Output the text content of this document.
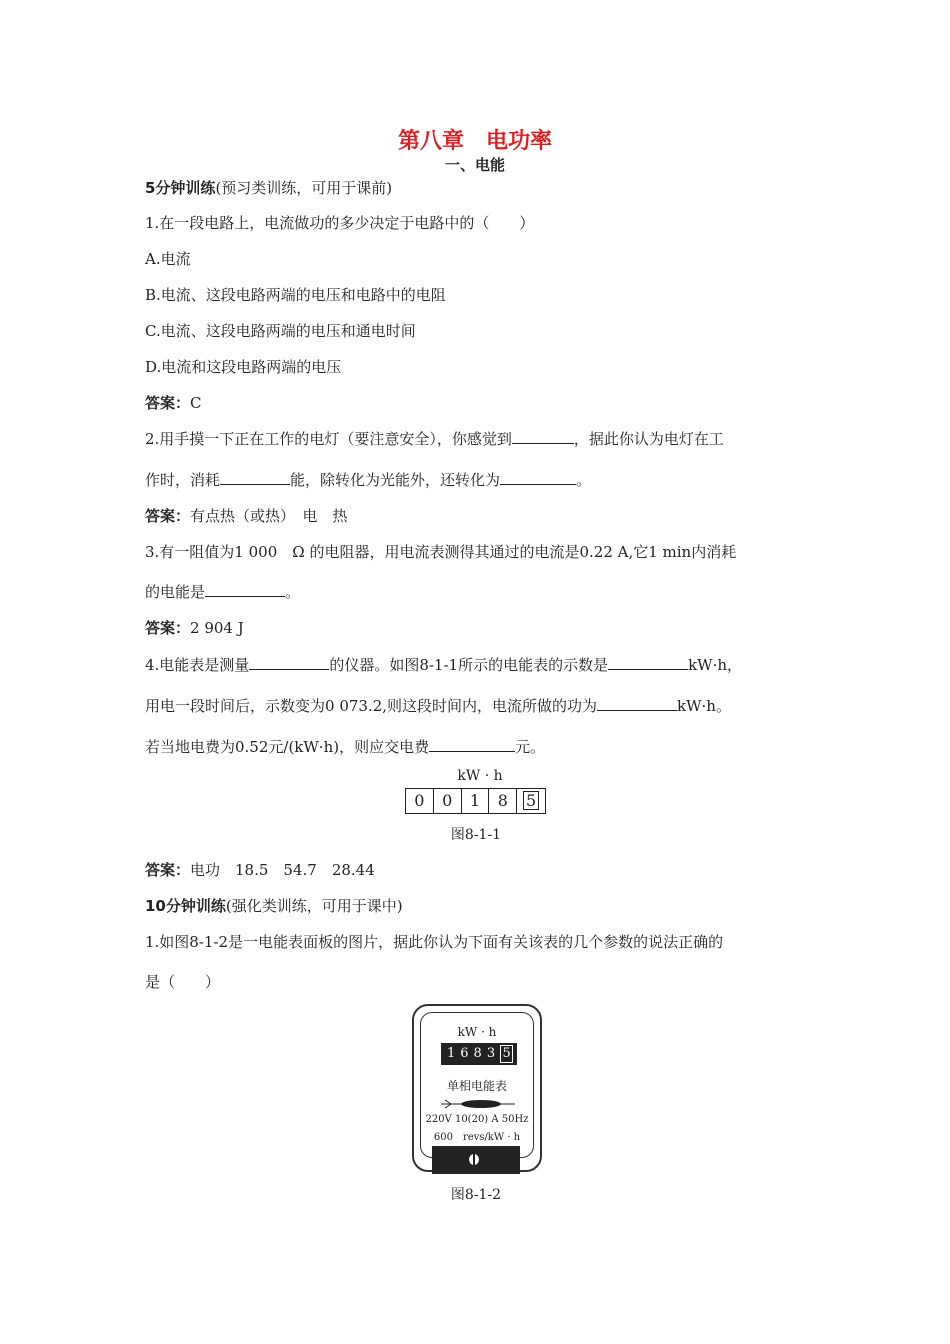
第八章　电功率
一、电能
5分钟训练(预习类训练，可用于课前)
1.在一段电路上，电流做功的多少决定于电路中的（　　）
A.电流
B.电流、这段电路两端的电压和电路中的电阻
C.电流、这段电路两端的电压和通电时间
D.电流和这段电路两端的电压
答案：C
2.用手摸一下正在工作的电灯（要注意安全），你感觉到	，据此你认为电灯在工
作时，消耗	能，除转化为光能外，还转化为	。
答案：有点热（或热）　电　热
3.有一阻值为1 000　Ω 的电阻器，用电流表测得其通过的电流是0.22 A,它1 min内消耗
的电能是	。
答案：2 904 J
4.电能表是测量	的仪器。如图8-1-1所示的电能表的示数是	kW·h，
用电一段时间后，示数变为0 073.2,则这段时间内，电流所做的功为	kW·h。
若当地电费为0.52元/(kW·h)，则应交电费	元。
kW · h
0	0	1	8	5
图8-1-1
答案：电功　18.5　54.7　28.44
10分钟训练(强化类训练，可用于课中)
1.如图8-1-2是一电能表面板的图片，据此你认为下面有关该表的几个参数的说法正确的
是（　　）
kW · h
1683 5
单相电能表
220V 10(20) A 50Hz
600　revs/kW · h
图8-1-2
